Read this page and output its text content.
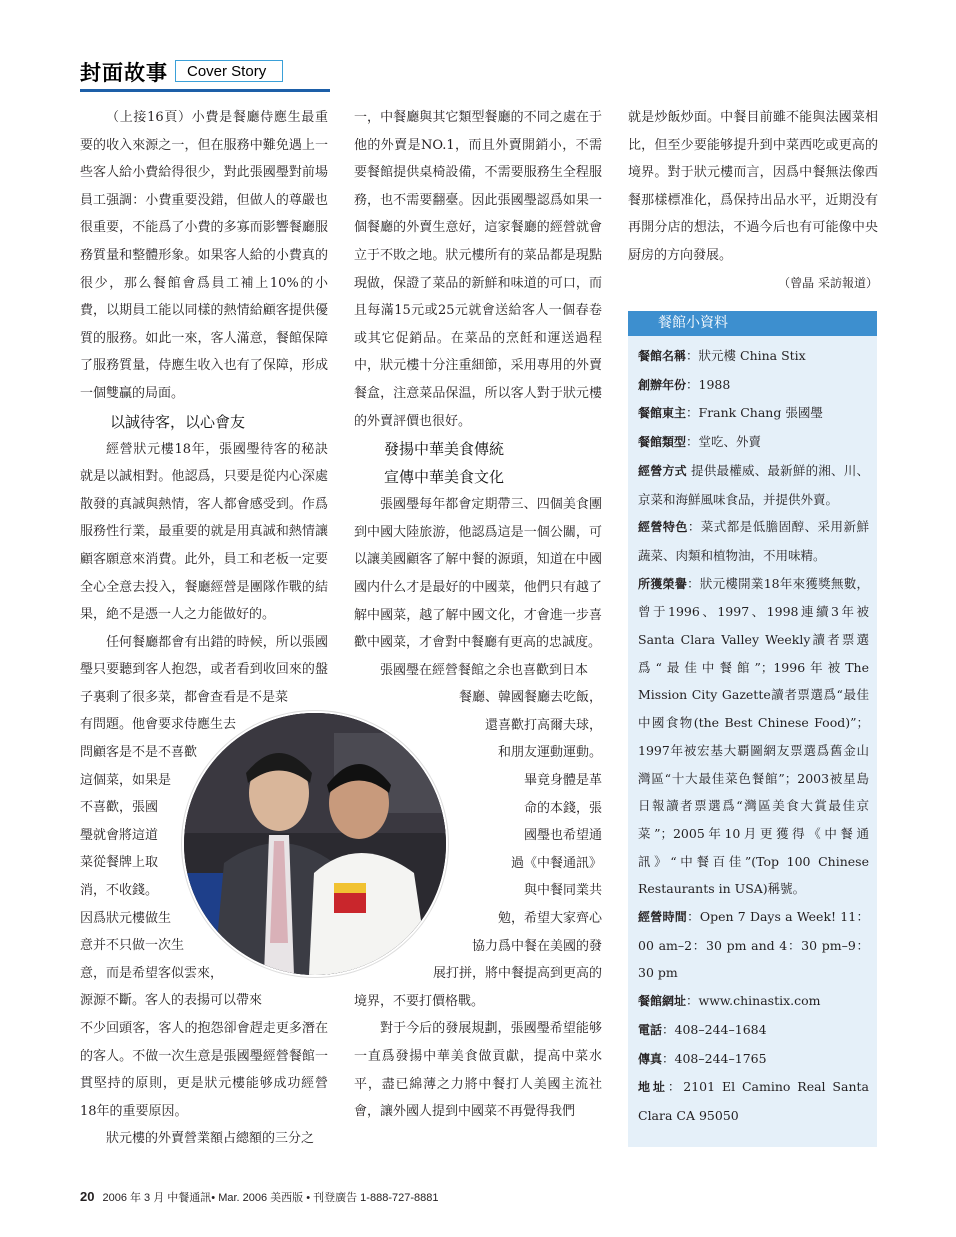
封面故事	Cover Story

（上接16頁）小費是餐廳侍應生最重要的收入來源之一，但在服務中難免遇上一些客人給小費給得很少，對此張國璺對前場員工强調：小費重要没錯，但做人的尊嚴也很重要，不能爲了小費的多寡而影響餐廳服務質量和整體形象。如果客人給的小費真的很少，那么餐館會爲員工補上10%的小費，以期員工能以同樣的熱情給顧客提供優質的服務。如此一來，客人滿意，餐館保障了服務質量，侍應生收入也有了保障，形成一個雙贏的局面。

以誠待客，以心會友

經營狀元樓18年，張國璺待客的秘訣就是以誠相對。他認爲，只要是從内心深處散發的真誠與熱情，客人都會感受到。作爲服務性行業，最重要的就是用真誠和熱情讓顧客願意來消費。此外，員工和老板一定要全心全意去投入，餐廳經營是團隊作戰的結果，絶不是憑一人之力能做好的。

任何餐廳都會有出錯的時候，所以張國璺只要聽到客人抱怨，或者看到收回來的盤子裏剩了很多菜，都會查看是不是菜

有問題。他會要求侍應生去
問顧客是不是不喜歡
這個菜，如果是
不喜歡，張國
璺就會將這道
菜從餐牌上取
消，不收錢。
因爲狀元樓做生
意并不只做一次生
意，而是希望客似雲來，
源源不斷。客人的表揚可以帶來

不少回頭客，客人的抱怨卻會趕走更多潛在的客人。不做一次生意是張國璺經營餐館一貫堅持的原則，更是狀元樓能够成功經營18年的重要原因。

狀元樓的外賣營業額占總額的三分之

一，中餐廳與其它類型餐廳的不同之處在于他的外賣是NO.1，而且外賣開銷小，不需要餐館提供桌椅設備，不需要服務生全程服務，也不需要翻臺。因此張國璺認爲如果一個餐廳的外賣生意好，這家餐廳的經營就會立于不敗之地。狀元樓所有的菜品都是現點現做，保證了菜品的新鮮和味道的可口，而且每滿15元或25元就會送給客人一個春卷或其它促銷品。在菜品的烹飪和運送過程中，狀元樓十分注重細節，采用專用的外賣餐盒，注意菜品保温，所以客人對于狀元樓的外賣評價也很好。

發揚中華美食傳統

宣傳中華美食文化

張國璺每年都會定期帶三、四個美食團到中國大陸旅游，他認爲這是一個公關，可以讓美國顧客了解中餐的源頭，知道在中國國内什么才是最好的中國菜，他們只有越了解中國菜，越了解中國文化，才會進一步喜歡中國菜，才會對中餐廳有更高的忠誠度。

張國璺在經營餐館之余也喜歡到日本

餐廳、韓國餐廳去吃飯，
還喜歡打高爾夫球，
和朋友運動運動。
畢竟身體是革
命的本錢，張
國璺也希望通
過《中餐通訊》
與中餐同業共
勉，希望大家齊心
協力爲中餐在美國的發
展打拼，將中餐提高到更高的

境界，不要打價格戰。

對于今后的發展規劃，張國璺希望能够一直爲發揚中華美食做貢獻，提高中菜水平，盡已綿薄之力將中餐打人美國主流社會，讓外國人提到中國菜不再覺得我們

就是炒飯炒面。中餐目前雖不能與法國菜相比，但至少要能够提升到中菜西吃或更高的境界。對于狀元樓而言，因爲中餐無法像西餐那樣標准化，爲保持出品水平，近期没有再開分店的想法，不過今后也有可能像中央厨房的方向發展。

（曾晶 采訪報道）

餐館小資料

餐館名稱：狀元樓 China Stix

創辦年份：1988

餐館東主：Frank Chang 張國璺

餐館類型：堂吃、外賣

經營方式 提供最權威、最新鮮的湘、川、京菜和海鮮風味食品，并提供外賣。

經營特色：菜式都是低膽固醇、采用新鮮蔬菜、肉類和植物油，不用味精。

所獲榮譽：狀元樓開業18年來獲獎無數，曾于1996、1997、1998連續3年被Santa Clara Valley Weekly讀者票選爲“最佳中餐館”；1996年被The Mission City Gazette讀者票選爲“最佳中國食物(the Best Chinese Food)”；1997年被宏基大覇圖網友票選爲舊金山灣區“十大最佳菜色餐館”；2003被星島日報讀者票選爲“灣區美食大賞最佳京菜”；2005年10月更獲得《中餐通訊》“中餐百佳”(Top 100 Chinese Restaurants in USA)稱號。

經營時間：Open 7 Days a Week! 11：00 am–2：30 pm and 4：30 pm–9：30 pm

餐館網址：www.chinastix.com

電話：408–244–1684

傳真：408–244–1765

地址：2101 El Camino Real Santa Clara CA 95050

20 2006 年 3 月 中餐通訊• Mar. 2006 美西版 • 刊登廣告 1-888-727-8881
